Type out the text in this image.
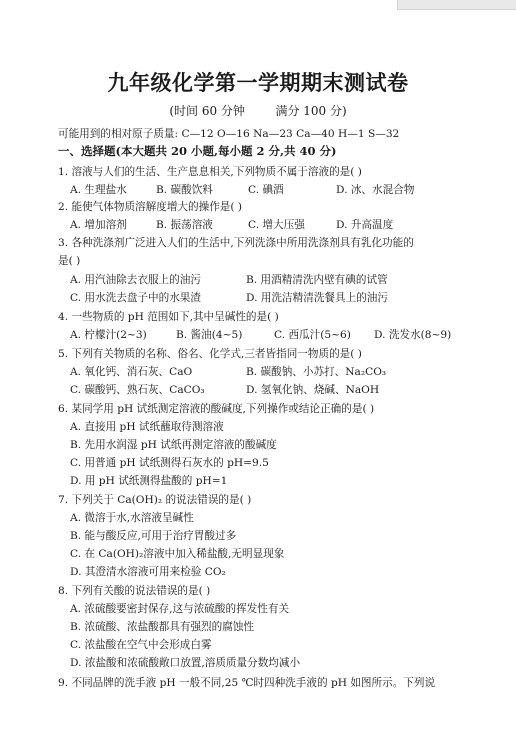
九年级化学第一学期期末测试卷
(时间 60 分钟        满分 100 分)
可能用到的相对原子质量: C—12 O—16 Na—23 Ca—40 H—1 S—32
一、选择题(本大题共 20 小题,每小题 2 分,共 40 分)
1. 溶液与人们的生活、生产息息相关,下列物质不属于溶液的是( )
A. 生理盐水	B. 碳酸饮料	C. 碘酒	D. 冰、水混合物
2. 能使气体物质溶解度增大的操作是( )
A. 增加溶剂	B. 振荡溶液	C. 增大压强	D. 升高温度
3. 各种洗涤剂广泛进入人们的生活中,下列洗涤中所用洗涤剂具有乳化功能的
是( )
A. 用汽油除去衣服上的油污	B. 用酒精清洗内壁有碘的试管
C. 用水洗去盘子中的水果渣	D. 用洗洁精清洗餐具上的油污
4. 一些物质的 pH 范围如下,其中呈碱性的是( )
A. 柠檬汁(2~3)	B. 酱油(4~5)	C. 西瓜汁(5~6) D. 洗发水(8~9)
5. 下列有关物质的名称、俗名、化学式,三者皆指同一物质的是( )
A. 氧化钙、消石灰、CaO	B. 碳酸钠、小苏打、Na₂CO₃
C. 碳酸钙、熟石灰、CaCO₃	D. 氢氧化钠、烧碱、NaOH
6. 某同学用 pH 试纸测定溶液的酸碱度,下列操作或结论正确的是( )
A. 直接用 pH 试纸蘸取待测溶液
B. 先用水润湿 pH 试纸再测定溶液的酸碱度
C. 用普通 pH 试纸测得石灰水的 pH=9.5
D. 用 pH 试纸测得盐酸的 pH=1
7. 下列关于 Ca(OH)₂ 的说法错误的是( )
A. 微溶于水,水溶液呈碱性
B. 能与酸反应,可用于治疗胃酸过多
C. 在 Ca(OH)₂溶液中加入稀盐酸,无明显现象
D. 其澄清水溶液可用来检验 CO₂
8. 下列有关酸的说法错误的是( )
A. 浓硫酸要密封保存,这与浓硫酸的挥发性有关
B. 浓硫酸、浓盐酸都具有强烈的腐蚀性
C. 浓盐酸在空气中会形成白雾
D. 浓盐酸和浓硫酸敞口放置,溶质质量分数均减小
9. 不同品牌的洗手液 pH 一般不同,25 ℃时四种洗手液的 pH 如图所示。下列说
